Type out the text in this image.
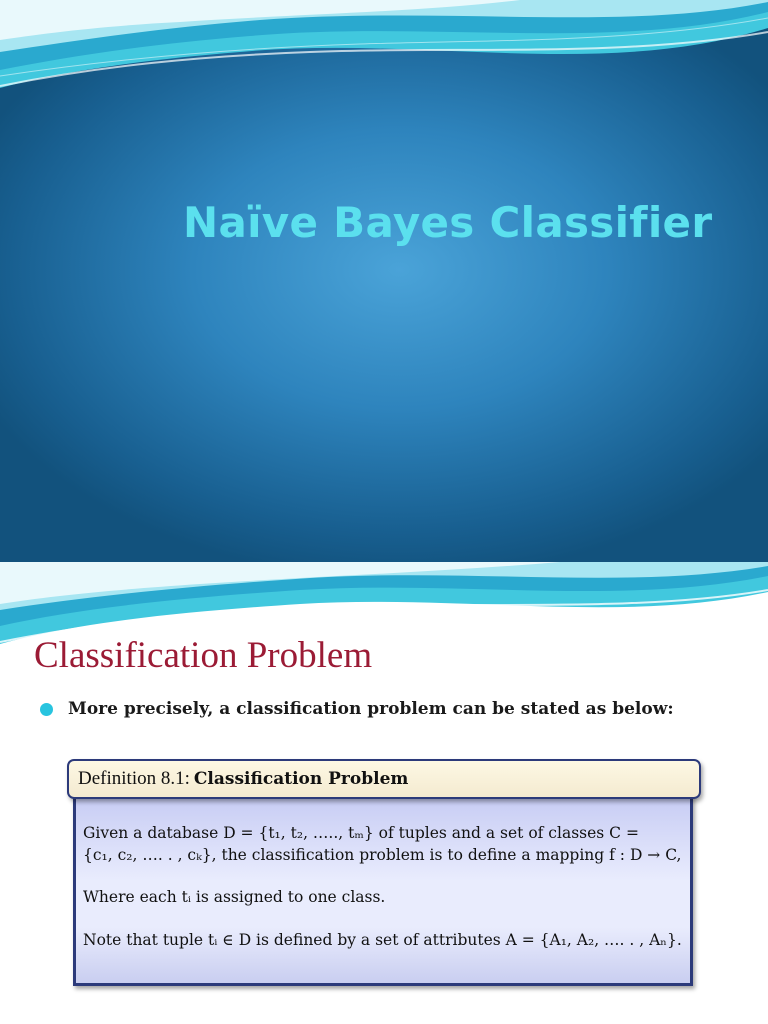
Naïve Bayes Classifier
Classification Problem
More precisely, a classification problem can be stated as below:
Definition 8.1: Classification Problem
Given a database D = {t₁, t₂, ….., tₘ} of tuples and a set of classes C =
{c₁, c₂, …. . , cₖ}, the classification problem is to define a mapping f : D → C,
Where each tᵢ is assigned to one class.
Note that tuple tᵢ ∈ D is defined by a set of attributes A = {A₁, A₂, …. . , Aₙ}.
